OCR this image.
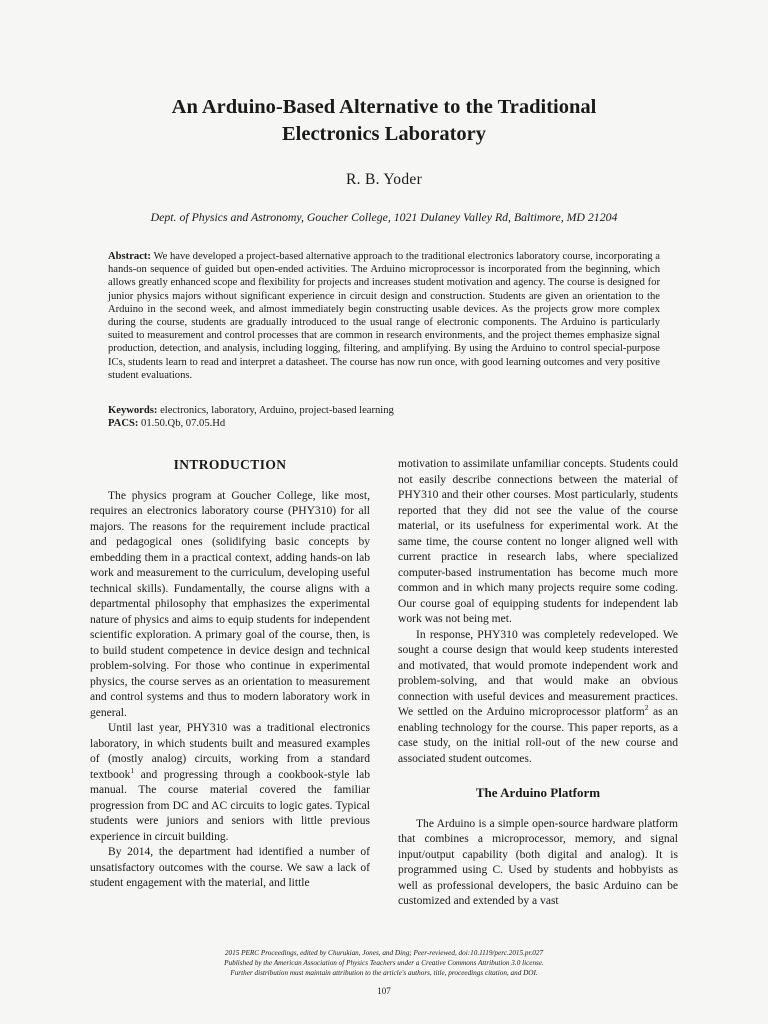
An Arduino-Based Alternative to the Traditional
Electronics Laboratory
R. B. Yoder
Dept. of Physics and Astronomy, Goucher College, 1021 Dulaney Valley Rd, Baltimore, MD 21204
Abstract: We have developed a project-based alternative approach to the traditional electronics laboratory course, incorporating a hands-on sequence of guided but open-ended activities. The Arduino microprocessor is incorporated from the beginning, which allows greatly enhanced scope and flexibility for projects and increases student motivation and agency. The course is designed for junior physics majors without significant experience in circuit design and construction. Students are given an orientation to the Arduino in the second week, and almost immediately begin constructing usable devices. As the projects grow more complex during the course, students are gradually introduced to the usual range of electronic components. The Arduino is particularly suited to measurement and control processes that are common in research environments, and the project themes emphasize signal production, detection, and analysis, including logging, filtering, and amplifying. By using the Arduino to control special-purpose ICs, students learn to read and interpret a datasheet. The course has now run once, with good learning outcomes and very positive student evaluations.
Keywords: electronics, laboratory, Arduino, project-based learning
PACS: 01.50.Qb, 07.05.Hd
INTRODUCTION

The physics program at Goucher College, like most, requires an electronics laboratory course (PHY310) for all majors. The reasons for the requirement include practical and pedagogical ones (solidifying basic concepts by embedding them in a practical context, adding hands-on lab work and measurement to the curriculum, developing useful technical skills). Fundamentally, the course aligns with a departmental philosophy that emphasizes the experimental nature of physics and aims to equip students for independent scientific exploration. A primary goal of the course, then, is to build student competence in device design and technical problem-solving. For those who continue in experimental physics, the course serves as an orientation to measurement and control systems and thus to modern laboratory work in general.

Until last year, PHY310 was a traditional electronics laboratory, in which students built and measured examples of (mostly analog) circuits, working from a standard textbook$^1$ and progressing through a cookbook-style lab manual. The course material covered the familiar progression from DC and AC circuits to logic gates. Typical students were juniors and seniors with little previous experience in circuit building.

By 2014, the department had identified a number of unsatisfactory outcomes with the course. We saw a lack of student engagement with the material, and little

motivation to assimilate unfamiliar concepts. Students could not easily describe connections between the material of PHY310 and their other courses. Most particularly, students reported that they did not see the value of the course material, or its usefulness for experimental work. At the same time, the course content no longer aligned well with current practice in research labs, where specialized computer-based instrumentation has become much more common and in which many projects require some coding. Our course goal of equipping students for independent lab work was not being met.

In response, PHY310 was completely redeveloped. We sought a course design that would keep students interested and motivated, that would promote independent work and problem-solving, and that would make an obvious connection with useful devices and measurement practices. We settled on the Arduino microprocessor platform$^2$ as an enabling technology for the course. This paper reports, as a case study, on the initial roll-out of the new course and associated student outcomes.

The Arduino Platform

The Arduino is a simple open-source hardware platform that combines a microprocessor, memory, and signal input/output capability (both digital and analog). It is programmed using C. Used by students and hobbyists as well as professional developers, the basic Arduino can be customized and extended by a vast

2015 PERC Proceedings, edited by Churukian, Jones, and Ding; Peer-reviewed, doi:10.1119/perc.2015.pr.027
Published by the American Association of Physics Teachers under a Creative Commons Attribution 3.0 license.
Further distribution must maintain attribution to the article's authors, title, proceedings citation, and DOI.
107
